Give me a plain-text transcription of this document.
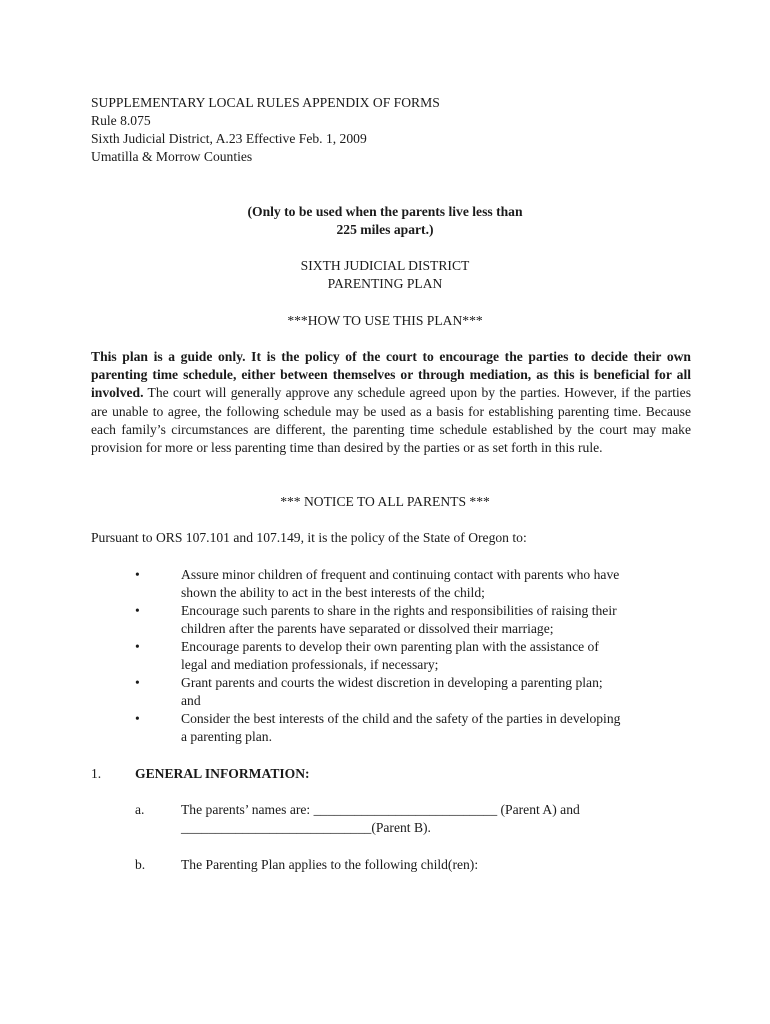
SUPPLEMENTARY LOCAL RULES APPENDIX OF FORMS
Rule 8.075
Sixth Judicial District, A.23 Effective Feb. 1, 2009
Umatilla & Morrow Counties
(Only to be used when the parents live less than
225 miles apart.)
SIXTH JUDICIAL DISTRICT
PARENTING PLAN
***HOW TO USE THIS PLAN***
This plan is a guide only. It is the policy of the court to encourage the parties to decide their own parenting time schedule, either between themselves or through mediation, as this is beneficial for all involved. The court will generally approve any schedule agreed upon by the parties. However, if the parties are unable to agree, the following schedule may be used as a basis for establishing parenting time. Because each family’s circumstances are different, the parenting time schedule established by the court may make provision for more or less parenting time than desired by the parties or as set forth in this rule.
*** NOTICE TO ALL PARENTS ***
Pursuant to ORS 107.101 and 107.149, it is the policy of the State of Oregon to:
•	Assure minor children of frequent and continuing contact with parents who have
shown the ability to act in the best interests of the child;
•	Encourage such parents to share in the rights and responsibilities of raising their
children after the parents have separated or dissolved their marriage;
•	Encourage parents to develop their own parenting plan with the assistance of
legal and mediation professionals, if necessary;
•	Grant parents and courts the widest discretion in developing a parenting plan;
and
•	Consider the best interests of the child and the safety of the parties in developing
a parenting plan.
1. GENERAL INFORMATION:
a.	The parents’ names are: ___________________________ (Parent A) and
____________________________(Parent B).
b.	The Parenting Plan applies to the following child(ren):
